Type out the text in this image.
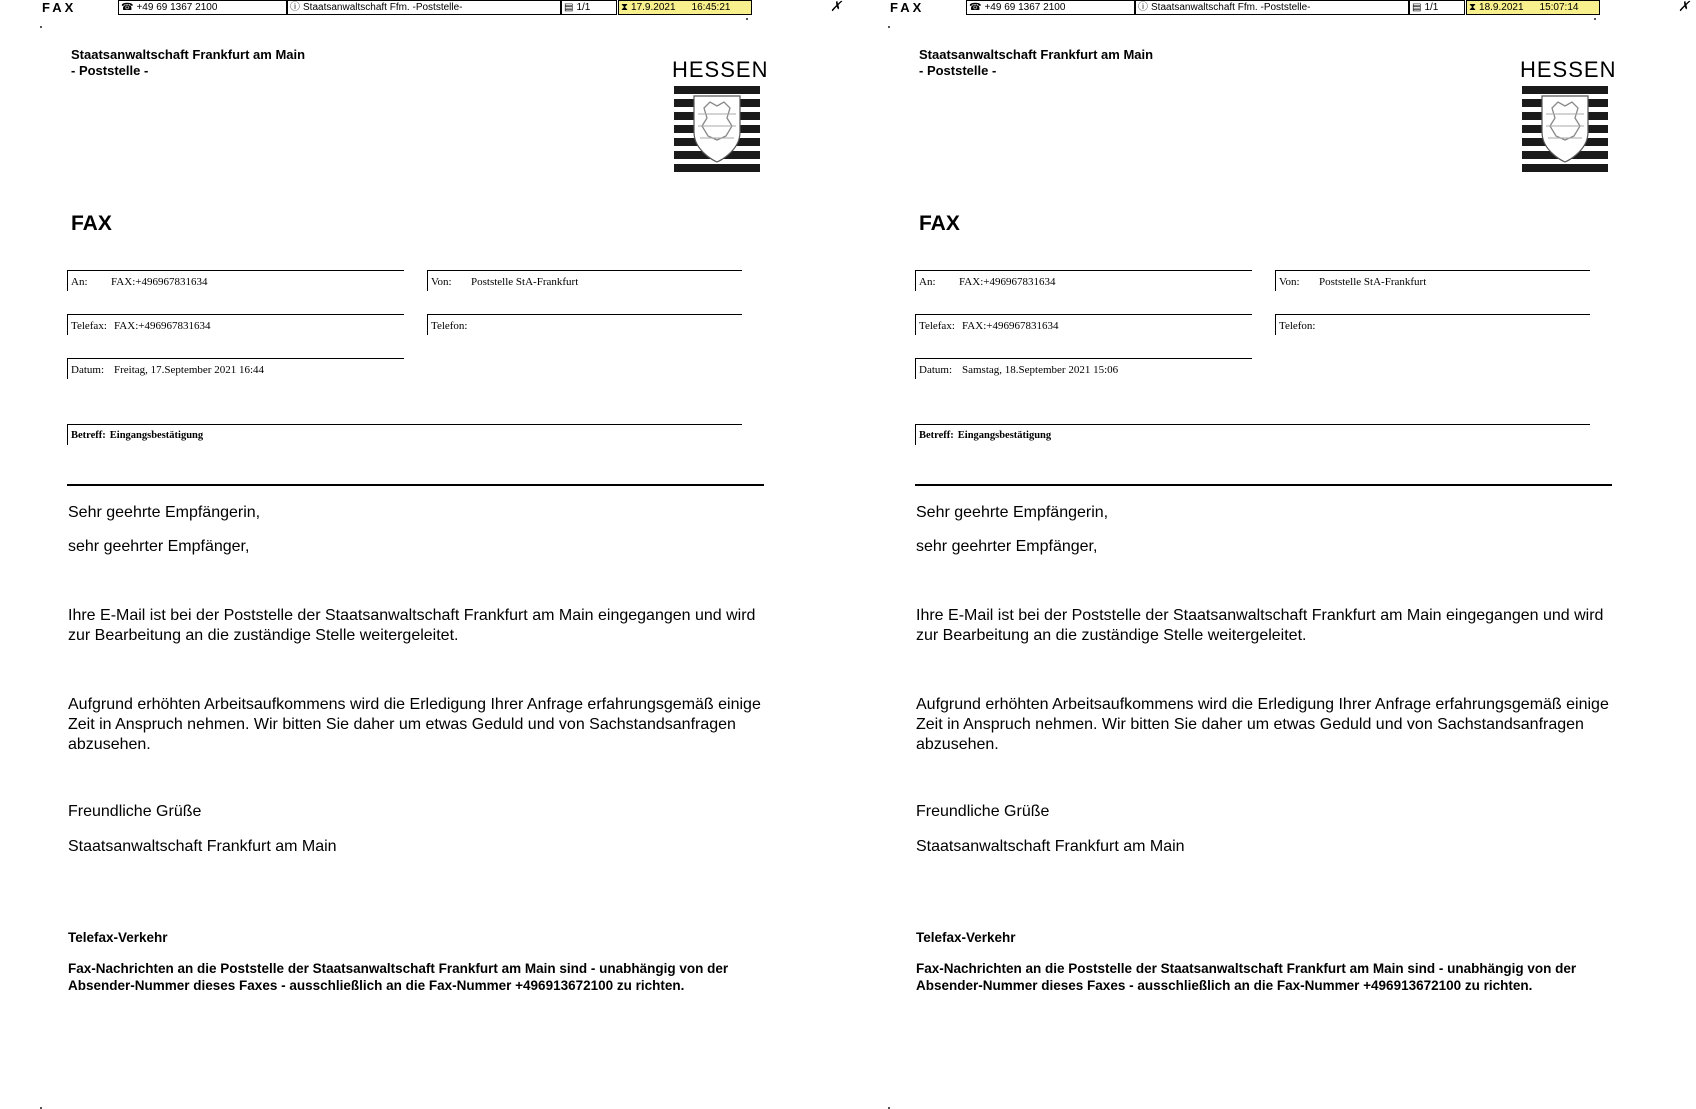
FAX	☎ +49 69 1367 2100	ⓘ Staatsanwaltschaft Ffm. -Poststelle-	▤ 1/1	⧗ 17.9.2021 16:45:21	✗
Staatsanwaltschaft Frankfurt am Main
- Poststelle -	HESSEN
FAX
An: FAX:+496967831634	Von: Poststelle StA-Frankfurt
Telefax: FAX:+496967831634	Telefon:
Datum: Freitag, 17.September 2021 16:44
Betreff: Eingangsbestätigung
Sehr geehrte Empfängerin,
sehr geehrter Empfänger,
Ihre E-Mail ist bei der Poststelle der Staatsanwaltschaft Frankfurt am Main eingegangen und wird zur Bearbeitung an die zuständige Stelle weitergeleitet.
Aufgrund erhöhten Arbeitsaufkommens wird die Erledigung Ihrer Anfrage erfahrungsgemäß einige Zeit in Anspruch nehmen. Wir bitten Sie daher um etwas Geduld und von Sachstandsanfragen abzusehen.
Freundliche Grüße
Staatsanwaltschaft Frankfurt am Main
Telefax-Verkehr
Fax-Nachrichten an die Poststelle der Staatsanwaltschaft Frankfurt am Main sind - unabhängig von der Absender-Nummer dieses Faxes - ausschließlich an die Fax-Nummer +496913672100 zu richten.
FAX	☎ +49 69 1367 2100	ⓘ Staatsanwaltschaft Ffm. -Poststelle-	▤ 1/1	⧗ 18.9.2021 15:07:14	✗
Staatsanwaltschaft Frankfurt am Main
- Poststelle -	HESSEN
FAX
An: FAX:+496967831634	Von: Poststelle StA-Frankfurt
Telefax: FAX:+496967831634	Telefon:
Datum: Samstag, 18.September 2021 15:06
Betreff: Eingangsbestätigung
Sehr geehrte Empfängerin,
sehr geehrter Empfänger,
Ihre E-Mail ist bei der Poststelle der Staatsanwaltschaft Frankfurt am Main eingegangen und wird zur Bearbeitung an die zuständige Stelle weitergeleitet.
Aufgrund erhöhten Arbeitsaufkommens wird die Erledigung Ihrer Anfrage erfahrungsgemäß einige Zeit in Anspruch nehmen. Wir bitten Sie daher um etwas Geduld und von Sachstandsanfragen abzusehen.
Freundliche Grüße
Staatsanwaltschaft Frankfurt am Main
Telefax-Verkehr
Fax-Nachrichten an die Poststelle der Staatsanwaltschaft Frankfurt am Main sind - unabhängig von der Absender-Nummer dieses Faxes - ausschließlich an die Fax-Nummer +496913672100 zu richten.
